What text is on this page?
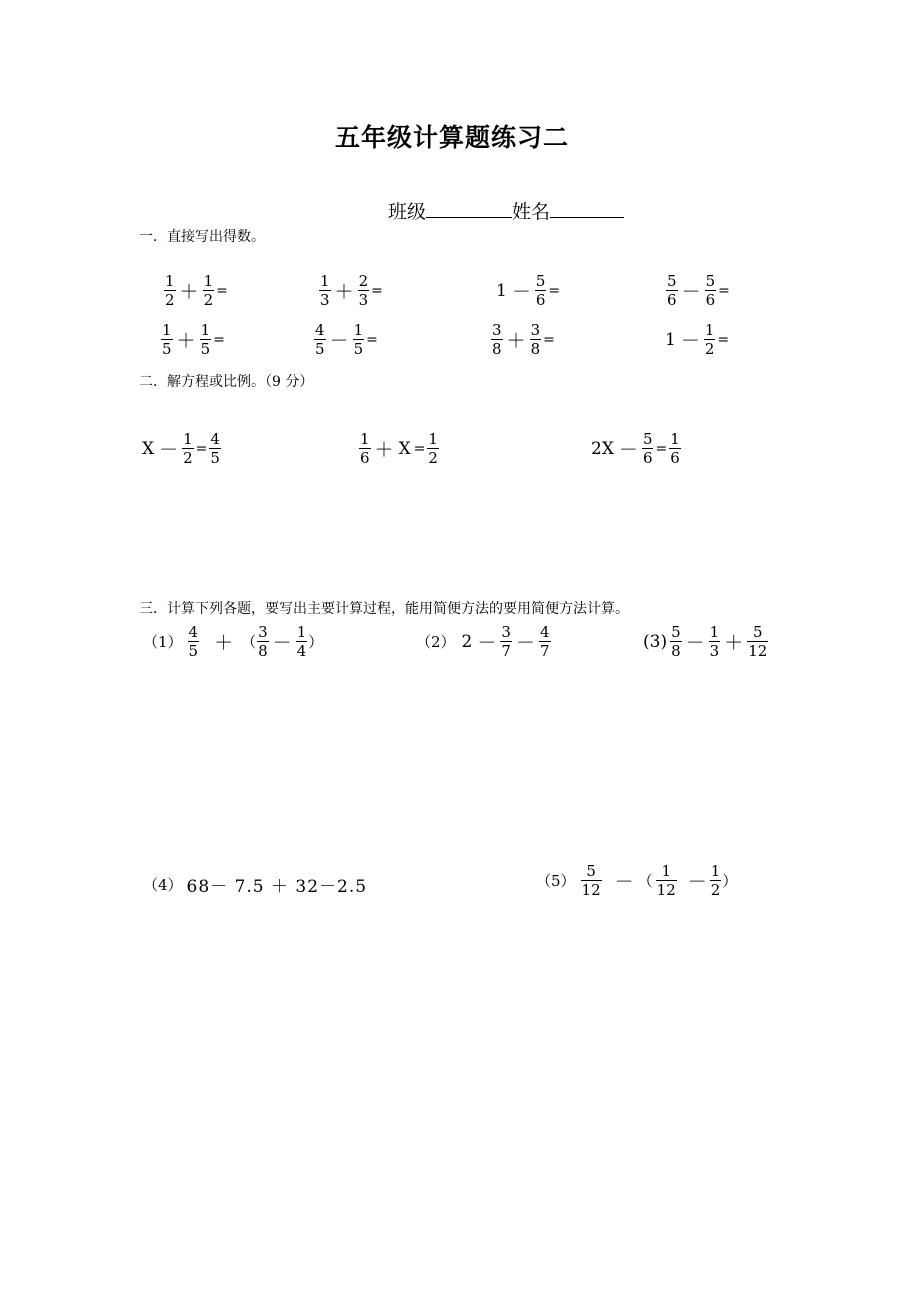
五年级计算题练习二
班级	姓名
一．直接写出得数。
$\frac{1}{2} + \frac{1}{2}$ =	$\frac{1}{3} + \frac{2}{3}$ =	$1 - \frac{5}{6}$ =	$\frac{5}{6} - \frac{5}{6}$ =
$\frac{1}{5} + \frac{1}{5}$ =	$\frac{4}{5} - \frac{1}{5}$ =	$\frac{3}{8} + \frac{3}{8}$ =	$1 - \frac{1}{2}$ =
二．解方程或比例。（9 分）
$X - \frac{1}{2} = \frac{4}{5}$	$\frac{1}{6} + X = \frac{1}{2}$	$2X - \frac{5}{6} = \frac{1}{6}$
三．计算下列各题，要写出主要计算过程，能用简便方法的要用简便方法计算。
$(1) \frac{4}{5}$ ＋ （ $\frac{3}{8} - \frac{1}{4}$ ）	（2） $2 - \frac{3}{7} - \frac{4}{7}$	$(3) \frac{5}{8} - \frac{1}{3} + \frac{5}{12}$
（4） 68－ 7.5 ＋ 32－2.5	$(5) \frac{5}{12}$ － （ $\frac{1}{12} - \frac{1}{2}$ ）
